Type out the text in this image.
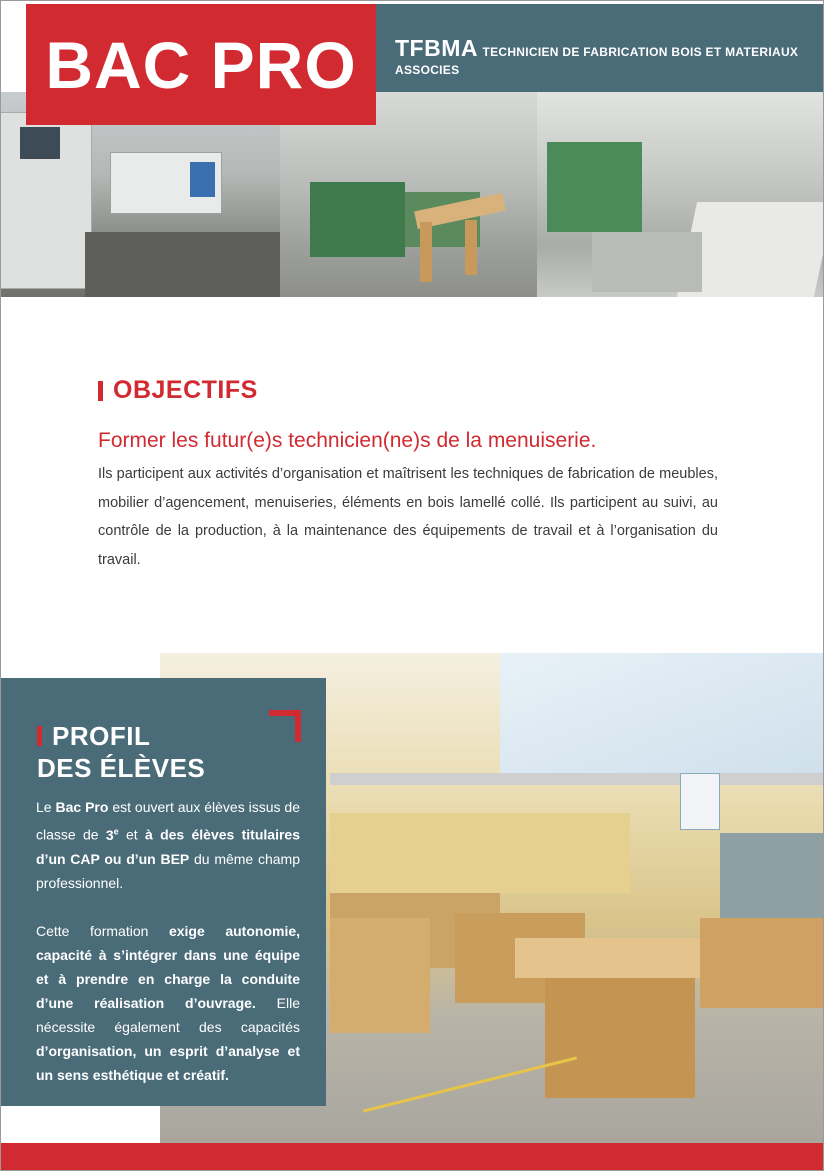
BAC PRO TFBMA TECHNICIEN DE FABRICATION BOIS ET MATERIAUX ASSOCIES
OBJECTIFS
Former les futur(e)s technicien(ne)s de la menuiserie.
Ils participent aux activités d’organisation et maîtrisent les techniques de fabrication de meubles, mobilier d’agencement, menuiseries, éléments en bois lamellé collé. Ils participent au suivi, au contrôle de la production, à la maintenance des équipements de travail et à l’organisation du travail.
PROFIL
DES ÉLÈVES

Le Bac Pro est ouvert aux élèves issus de classe de 3e et à des élèves titulaires d’un CAP ou d’un BEP du même champ professionnel.

Cette formation exige autonomie, capacité à s’intégrer dans une équipe et à prendre en charge la conduite d’une réalisation d’ouvrage. Elle nécessite également des capacités d’organisation, un esprit d’analyse et un sens esthétique et créatif.
